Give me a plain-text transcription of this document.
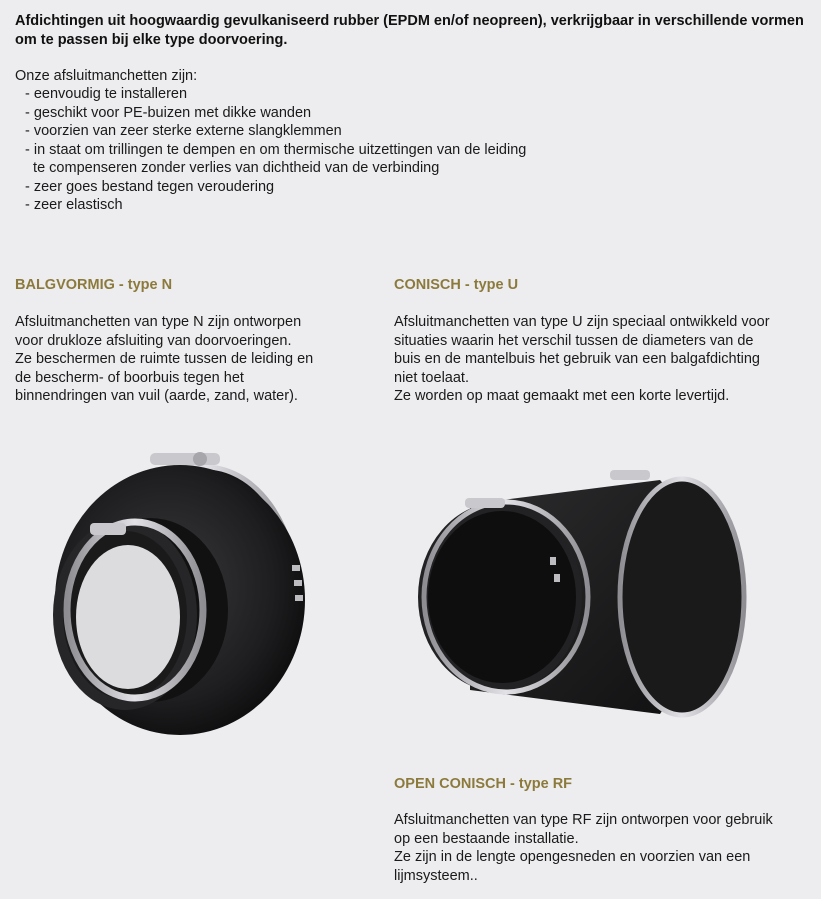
Afdichtingen uit hoogwaardig gevulkaniseerd rubber (EPDM en/of neopreen), verkrijgbaar in verschillende vormen om te passen bij elke type doorvoering.
Onze afsluitmanchetten zijn:
- eenvoudig te installeren
- geschikt voor PE-buizen met dikke wanden
- voorzien van zeer sterke externe slangklemmen
- in staat om trillingen te dempen en om thermische uitzettingen van de leiding
te compenseren zonder verlies van dichtheid van de verbinding
- zeer goes bestand tegen veroudering
- zeer elastisch
BALGVORMIG - type N

Afsluitmanchetten van type N zijn ontworpen

voor drukloze afsluiting van doorvoeringen.

Ze beschermen de ruimte tussen de leiding en

de bescherm- of boorbuis tegen het

binnendringen van vuil (aarde, zand, water).

CONISCH - type U

Afsluitmanchetten van type U zijn speciaal ontwikkeld voor

situaties waarin het verschil tussen de diameters van de

buis en de mantelbuis het gebruik van een balgafdichting

niet toelaat.

Ze worden op maat gemaakt met een korte levertijd.

OPEN CONISCH - type RF

Afsluitmanchetten van type RF zijn ontworpen voor gebruik

op een bestaande installatie.

Ze zijn in de lengte opengesneden en voorzien van een

lijmsysteem..
